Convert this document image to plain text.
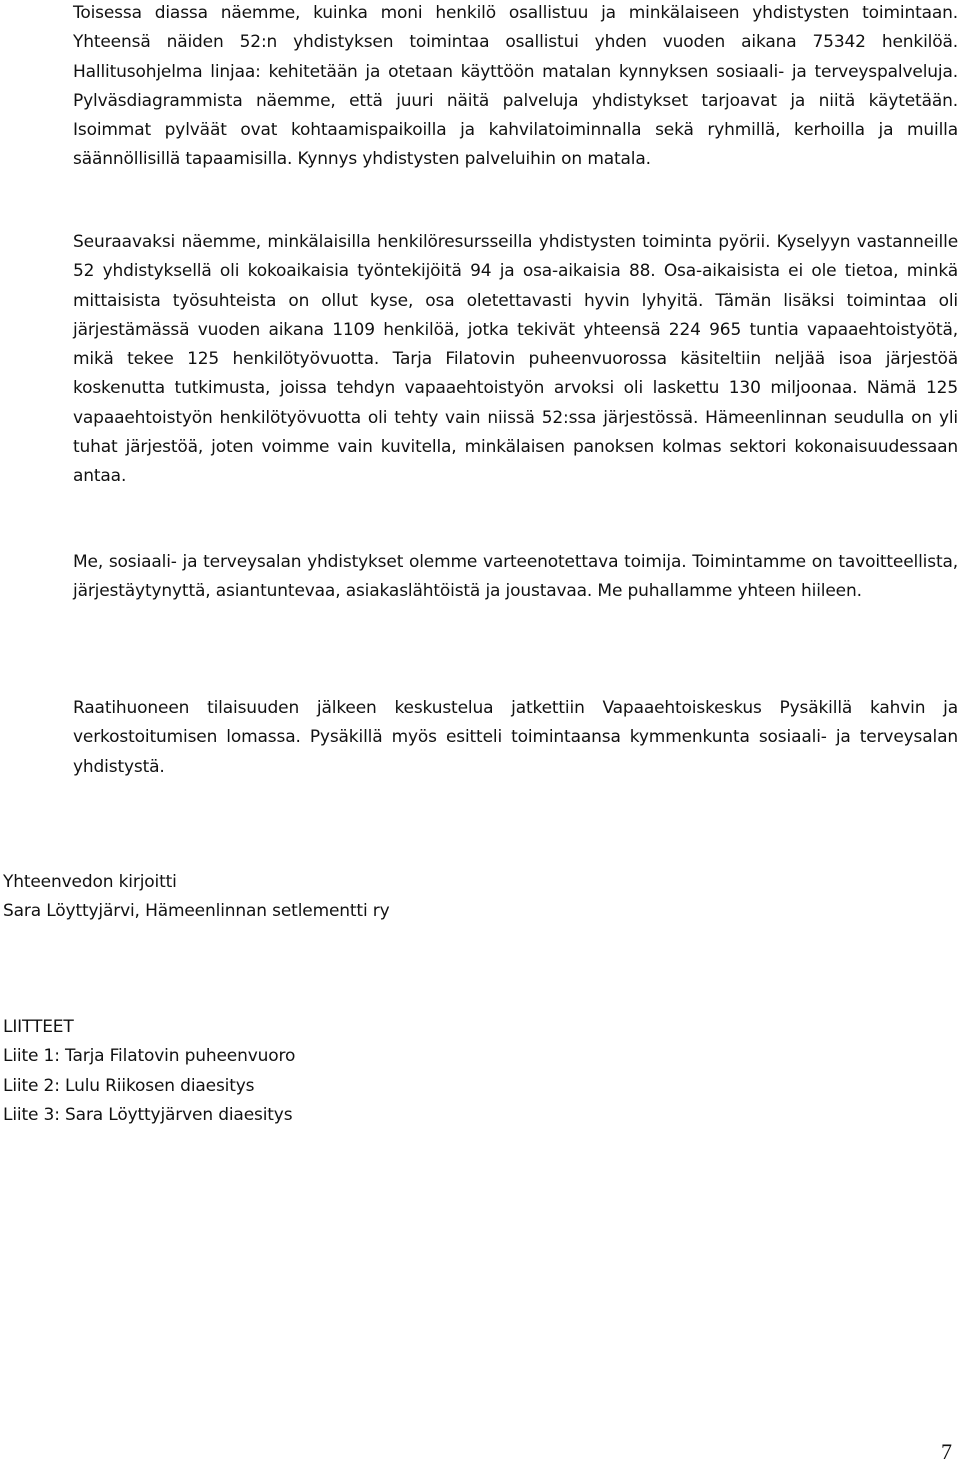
Toisessa diassa näemme, kuinka moni henkilö osallistuu ja minkälaiseen yhdistysten toimintaan. Yhteensä näiden 52:n yhdistyksen toimintaa osallistui yhden vuoden aikana 75342 henkilöä. Hallitusohjelma linjaa: kehitetään ja otetaan käyttöön matalan kynnyksen sosiaali- ja terveyspalveluja. Pylväsdiagrammista näemme, että juuri näitä palveluja yhdistykset tarjoavat ja niitä käytetään. Isoimmat pylväät ovat kohtaamispaikoilla ja kahvilatoiminnalla sekä ryhmillä, kerhoilla ja muilla säännöllisillä tapaamisilla. Kynnys yhdistysten palveluihin on matala.

Seuraavaksi näemme, minkälaisilla henkilöresursseilla yhdistysten toiminta pyörii. Kyselyyn vastanneille 52 yhdistyksellä oli kokoaikaisia työntekijöitä 94 ja osa-aikaisia 88. Osa-aikaisista ei ole tietoa, minkä mittaisista työsuhteista on ollut kyse, osa oletettavasti hyvin lyhyitä. Tämän lisäksi toimintaa oli järjestämässä vuoden aikana 1109 henkilöä, jotka tekivät yhteensä 224 965 tuntia vapaaehtoistyötä, mikä tekee 125 henkilötyövuotta. Tarja Filatovin puheenvuorossa käsiteltiin neljää isoa järjestöä koskenutta tutkimusta, joissa tehdyn vapaaehtoistyön arvoksi oli laskettu 130 miljoonaa. Nämä 125 vapaaehtoistyön henkilötyövuotta oli tehty vain niissä 52:ssa järjestössä. Hämeenlinnan seudulla on yli tuhat järjestöä, joten voimme vain kuvitella, minkälaisen panoksen kolmas sektori kokonaisuudessaan antaa.

Me, sosiaali- ja terveysalan yhdistykset olemme varteenotettava toimija. Toimintamme on tavoitteellista, järjestäytynyttä, asiantuntevaa, asiakaslähtöistä ja joustavaa. Me puhallamme yhteen hiileen.

Raatihuoneen tilaisuuden jälkeen keskustelua jatkettiin Vapaaehtoiskeskus Pysäkillä kahvin ja verkostoitumisen lomassa. Pysäkillä myös esitteli toimintaansa kymmenkunta sosiaali- ja terveysalan yhdistystä.

Yhteenvedon kirjoitti
Sara Löyttyjärvi, Hämeenlinnan setlementti ry
LIITTEET
Liite 1: Tarja Filatovin puheenvuoro
Liite 2: Lulu Riikosen diaesitys
Liite 3: Sara Löyttyjärven diaesitys
7
